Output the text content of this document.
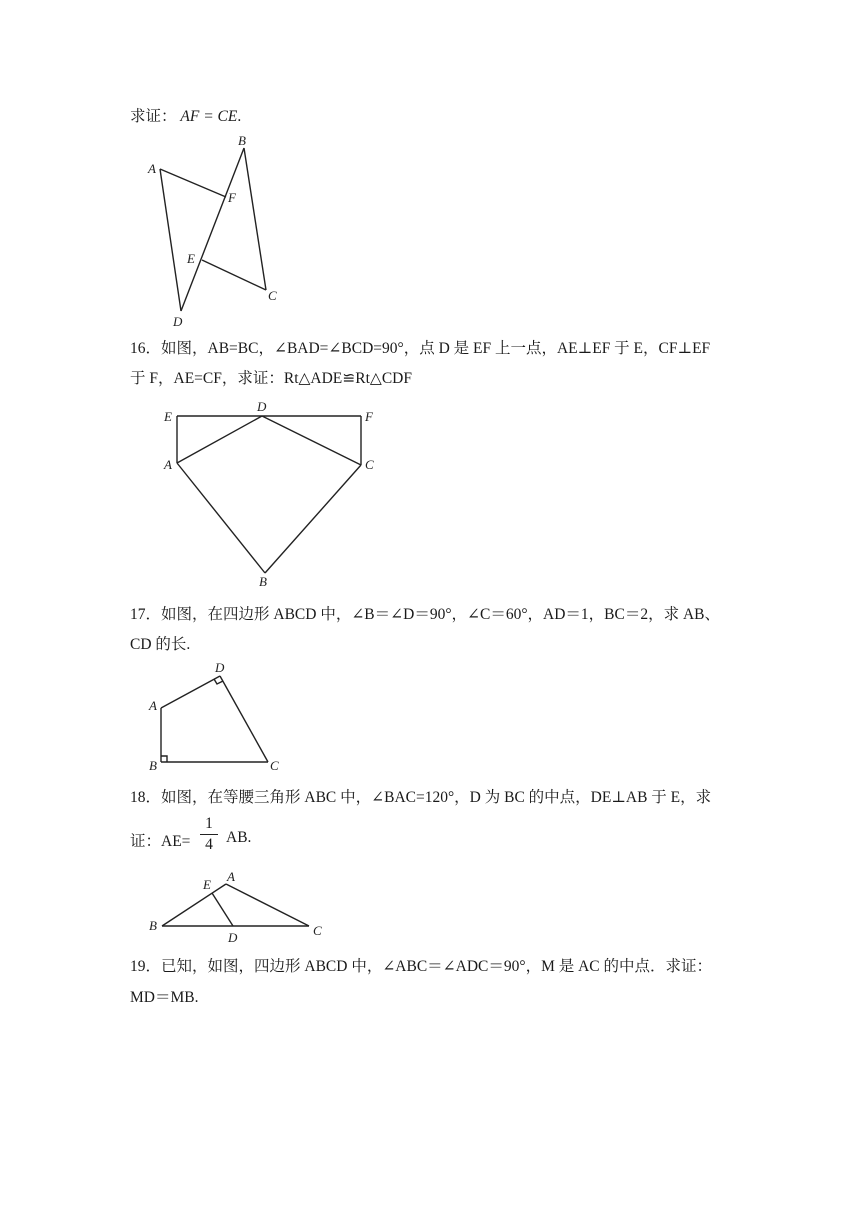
求证： AF = CE.
A
B
F
E
C
D
16．如图，AB=BC，∠BAD=∠BCD=90°，点 D 是 EF 上一点，AE⊥EF 于 E，CF⊥EF
于 F，AE=CF，求证：Rt△ADE≌Rt△CDF
E
D
F
A	C
B
17．如图，在四边形 ABCD 中，∠B＝∠D＝90°，∠C＝60°，AD＝1，BC＝2，求 AB、
CD 的长.
D
A
B	C
18．如图，在等腰三角形 ABC 中，∠BAC=120°，D 为 BC 的中点，DE⊥AB 于 E，求
证：AE=
1
4 AB.
E
A
B	C
D
19．已知，如图，四边形 ABCD 中，∠ABC＝∠ADC＝90°，M 是 AC 的中点．求证：
MD＝MB.
